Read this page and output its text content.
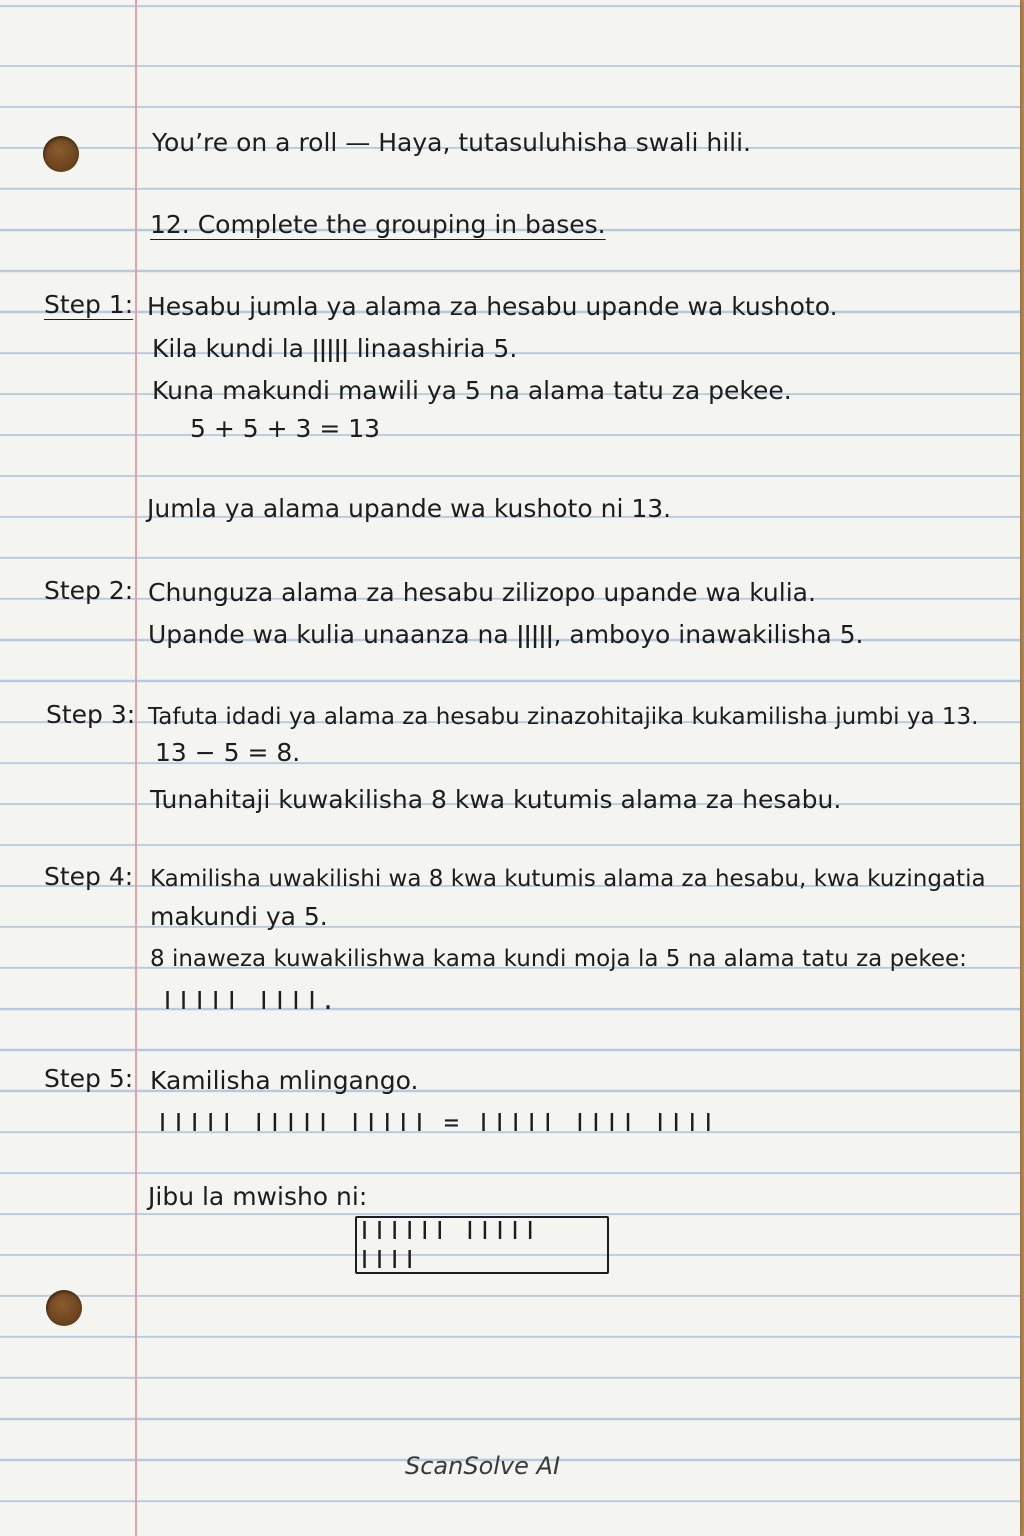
You’re on a roll — Haya, tutasuluhisha swali hili.
12. Complete the grouping in bases.
Step 1: Hesabu jumla ya alama za hesabu upande wa kushoto.
Kila kundi la ǀǀǀǀǀ linaashiria 5.
Kuna makundi mawili ya 5 na alama tatu za pekee.
5 + 5 + 3 = 13
Jumla ya alama upande wa kushoto ni 13.
Step 2: Chunguza alama za hesabu zilizopo upande wa kulia.
Upande wa kulia unaanza na ǀǀǀǀǀ, amboyo inawakilisha 5.
Step 3: Tafuta idadi ya alama za hesabu zinazohitajika kukamilisha jumbi ya 13.
13 − 5 = 8.
Tunahitaji kuwakilisha 8 kwa kutumis alama za hesabu.
Step 4: Kamilisha uwakilishi wa 8 kwa kutumis alama za hesabu, kwa kuzingatia
makundi ya 5.
8 inaweza kuwakilishwa kama kundi moja la 5 na alama tatu za pekee:
ǀǀǀǀǀ ǀǀǀǀ.
Step 5: Kamilisha mlingango.
ǀǀǀǀǀ ǀǀǀǀǀ ǀǀǀǀǀ = ǀǀǀǀǀ ǀǀǀǀ ǀǀǀǀ
Jibu la mwisho ni:
ǀǀǀǀǀǀ ǀǀǀǀǀ ǀǀǀǀ
ScanSolve AI
